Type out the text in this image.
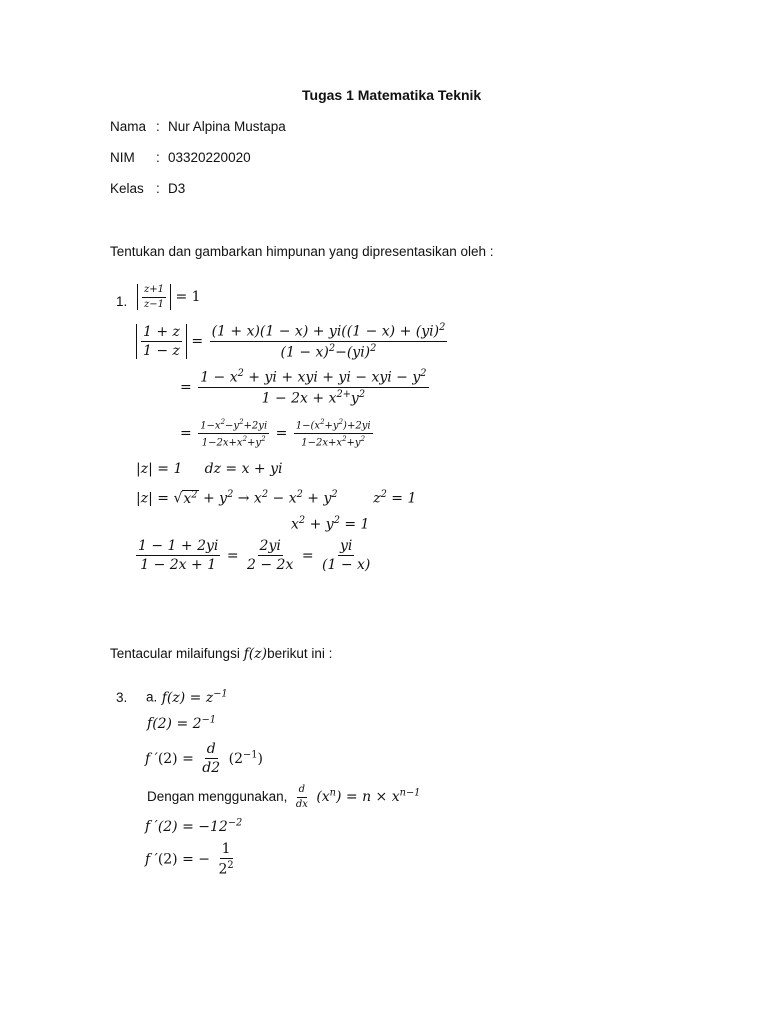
Tugas 1 Matematika Teknik
Nama : Nur Alpina Mustapa
NIM : 03320220020
Kelas : D3
Tentukan dan gambarkan himpunan yang dipresentasikan oleh :
1. $\frac{z+1}{z-1} = 1$
$\frac{1 + z}{1 - z} = \frac{(1 + x)(1 - x) + yi((1 - x) + (yi)^2}{(1 - x)^2-(yi)^2}$
= $\frac{1 - x^2 + yi + xyi + yi - xyi - y^2}{1 - 2x + x^{2+}y^2}$
= $\frac{1-x^2-y^2+2yi}{1-2x+x^2+y^2} = \frac{1-(x^2+y^2)+2yi}{1-2x+x^2+y^2}$
|z| = 1     dz = x + yi
$|z| = √x^2 + y^2 \to x^2 - x^2 + y^2$        $z^2 = 1$
$x^2 + y^2 = 1$
$\frac{1 - 1 + 2yi}{1 - 2x + 1} = \frac{2yi}{2 - 2x} = \frac{yi}{(1 - x)}$
Tentacular milaifungsi f(z)berikut ini :
3. a. $f(z) = z^{-1}$
$f(2) = 2^{-1}$
f $'(2) = \frac{d}{d2} (2^{-1})$
Dengan menggunakan, $\frac{d}{dx} (x^n) = n \times x^{n-1}$
f $'(2) = -12^{-2}$
f ′(2) = − $\frac{1}{2^2}$
